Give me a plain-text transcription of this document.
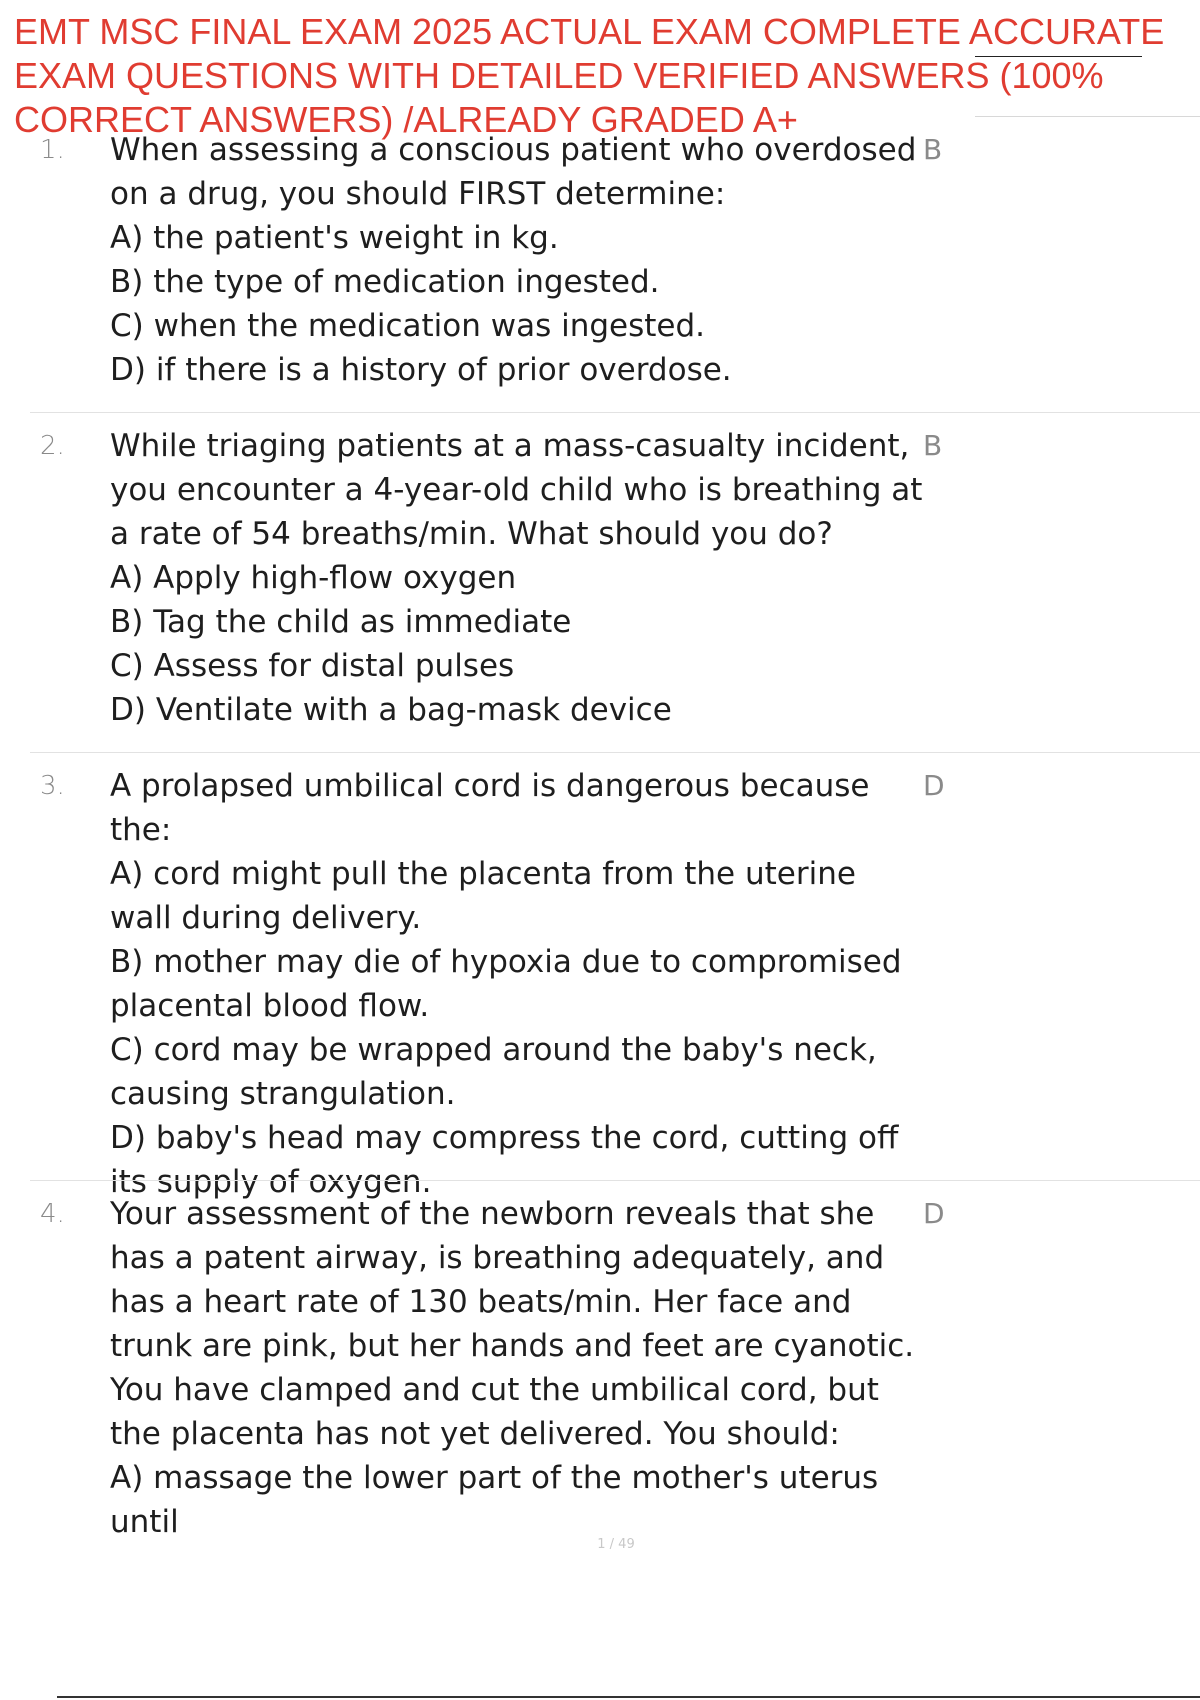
EMT MSC FINAL EXAM 2025 ACTUAL EXAM COMPLETE ACCURATE EXAM QUESTIONS WITH DETAILED VERIFIED ANSWERS (100% CORRECT ANSWERS) /ALREADY GRADED A+
1. When assessing a conscious patient who overdosed on a drug, you should FIRST determine:

A) the patient's weight in kg.

B) the type of medication ingested.

C) when the medication was ingested.

D) if there is a history of prior overdose.

B
2. While triaging patients at a mass-casualty incident, you encounter a 4-year-old child who is breathing at a rate of 54 breaths/min. What should you do?

A) Apply high-flow oxygen

B) Tag the child as immediate

C) Assess for distal pulses

D) Ventilate with a bag-mask device

B
3. A prolapsed umbilical cord is dangerous because the:

A) cord might pull the placenta from the uterine wall during delivery.

B) mother may die of hypoxia due to compromised placental blood flow.

C) cord may be wrapped around the baby's neck, causing strangulation.

D) baby's head may compress the cord, cutting off its supply of oxygen.

D
4. Your assessment of the newborn reveals that she has a patent airway, is breathing adequately, and has a heart rate of 130 beats/min. Her face and trunk are pink, but her hands and feet are cyanotic. You have clamped and cut the umbilical cord, but the placenta has not yet delivered. You should:

A) massage the lower part of the mother's uterus until

D
1 / 49
